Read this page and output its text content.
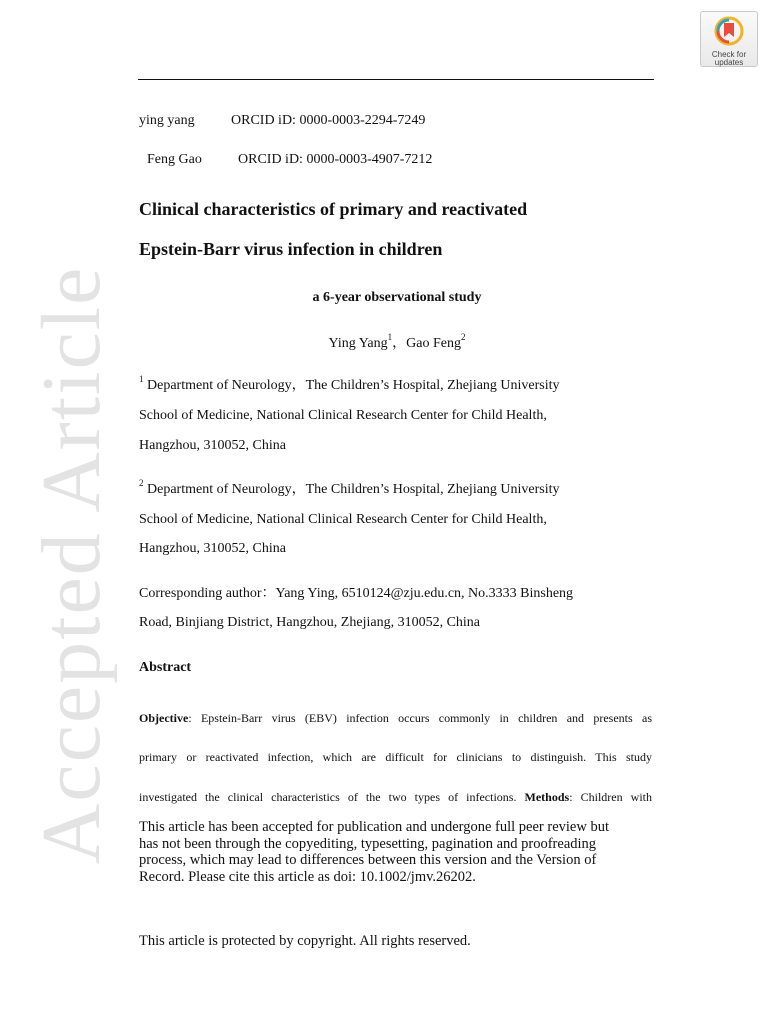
Accepted Article
Check for
updates
ying yang	ORCID iD: 0000-0003-2294-7249
Feng Gao	ORCID iD: 0000-0003-4907-7212
Clinical characteristics of primary and reactivated
Epstein-Barr virus infection in children
a 6-year observational study
Ying Yang$^1$，Gao Feng$^2$
$^1$ Department of Neurology，The Children’s Hospital, Zhejiang University
School of Medicine, National Clinical Research Center for Child Health,
Hangzhou, 310052, China
$^2$ Department of Neurology，The Children’s Hospital, Zhejiang University
School of Medicine, National Clinical Research Center for Child Health,
Hangzhou, 310052, China
Corresponding author：Yang Ying, 6510124@zju.edu.cn, No.3333 Binsheng
Road, Binjiang District, Hangzhou, Zhejiang, 310052, China
Abstract
Objective: Epstein-Barr virus (EBV) infection occurs commonly in children and presents as
primary or reactivated infection, which are difficult for clinicians to distinguish. This study
investigated the clinical characteristics of the two types of infections. Methods: Children with
This article has been accepted for publication and undergone full peer review but
has not been through the copyediting, typesetting, pagination and proofreading
process, which may lead to differences between this version and the Version of
Record. Please cite this article as doi: 10.1002/jmv.26202.
This article is protected by copyright. All rights reserved.
